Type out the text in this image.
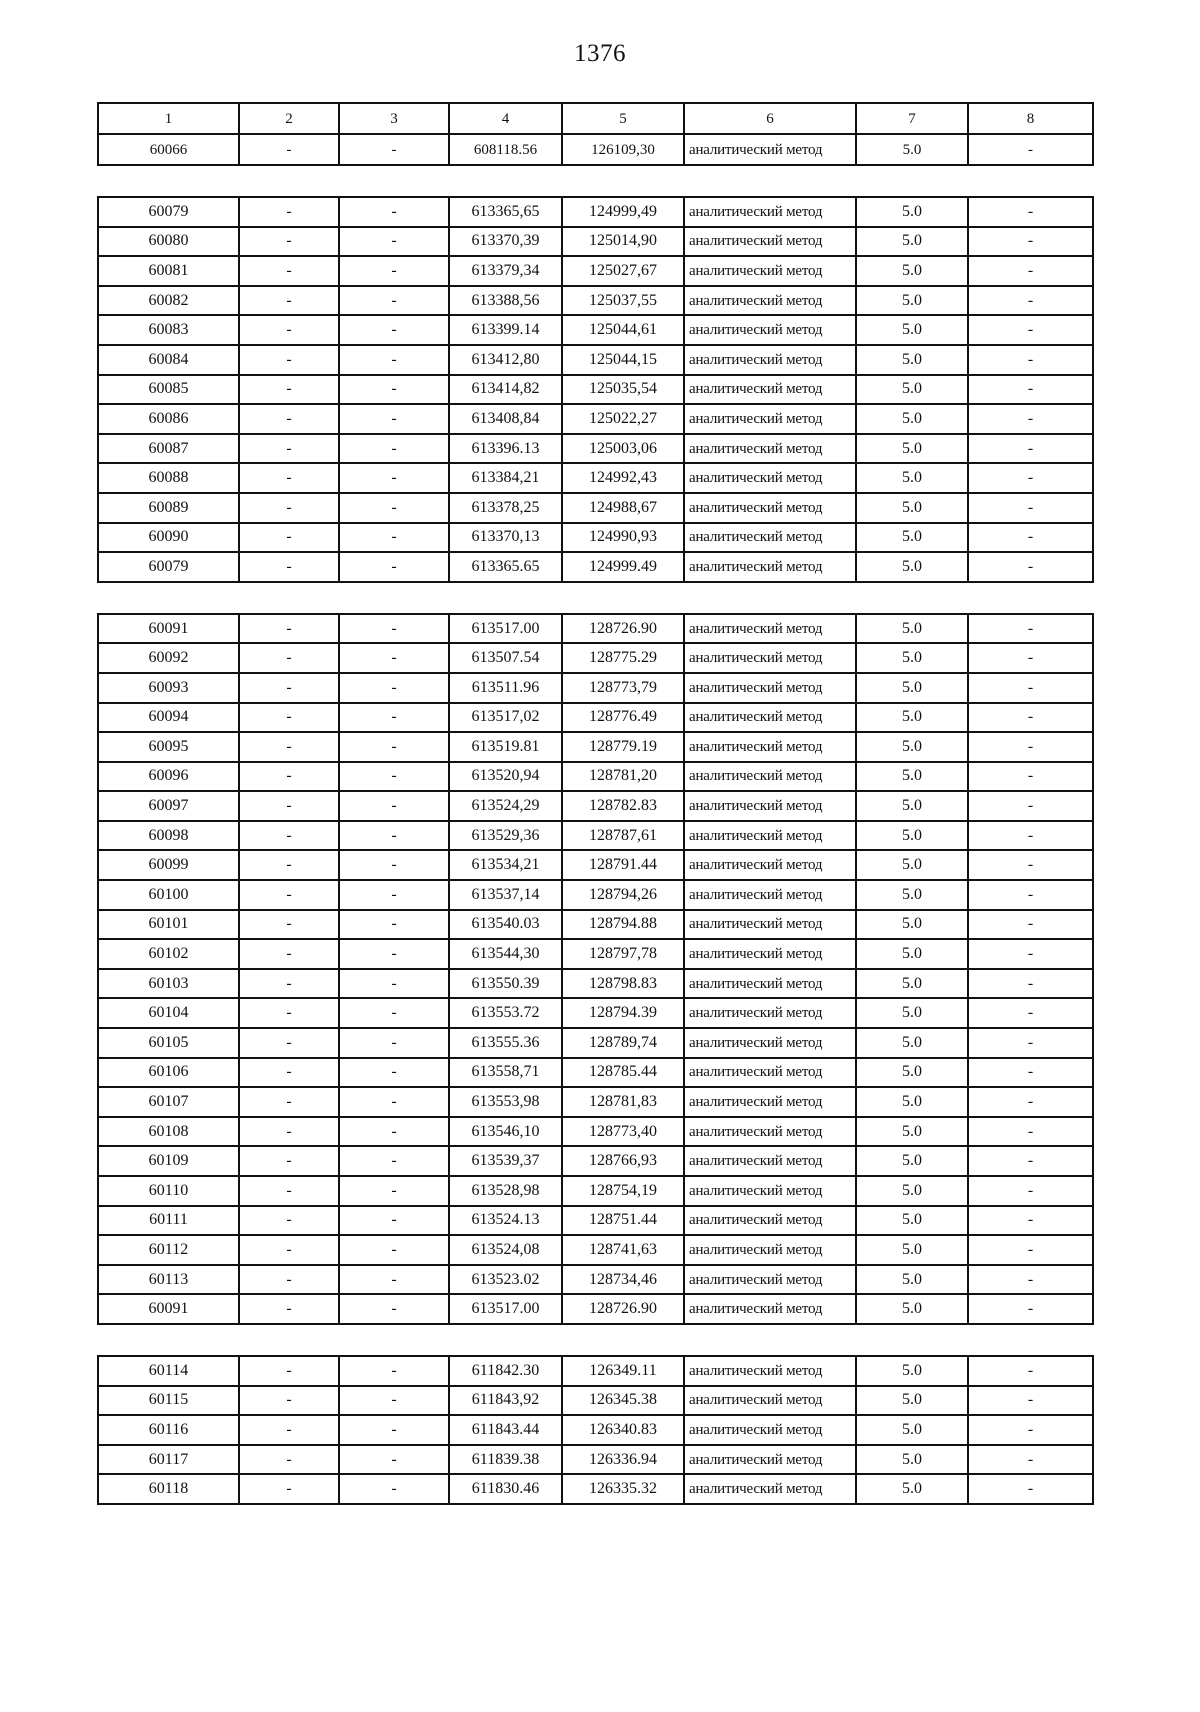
1376
1	2	3	4	5	6	7	8
60066	-	-	608118.56	126109,30	аналитический метод	5.0	-
60079	-	-	613365,65	124999,49	аналитический метод	5.0	-
60080	-	-	613370,39	125014,90	аналитический метод	5.0	-
60081	-	-	613379,34	125027,67	аналитический метод	5.0	-
60082	-	-	613388,56	125037,55	аналитический метод	5.0	-
60083	-	-	613399.14	125044,61	аналитический метод	5.0	-
60084	-	-	613412,80	125044,15	аналитический метод	5.0	-
60085	-	-	613414,82	125035,54	аналитический метод	5.0	-
60086	-	-	613408,84	125022,27	аналитический метод	5.0	-
60087	-	-	613396.13	125003,06	аналитический метод	5.0	-
60088	-	-	613384,21	124992,43	аналитический метод	5.0	-
60089	-	-	613378,25	124988,67	аналитический метод	5.0	-
60090	-	-	613370,13	124990,93	аналитический метод	5.0	-
60079	-	-	613365.65	124999.49	аналитический метод	5.0	-
60091	-	-	613517.00	128726.90	аналитический метод	5.0	-
60092	-	-	613507.54	128775.29	аналитический метод	5.0	-
60093	-	-	613511.96	128773,79	аналитический метод	5.0	-
60094	-	-	613517,02	128776.49	аналитический метод	5.0	-
60095	-	-	613519.81	128779.19	аналитический метод	5.0	-
60096	-	-	613520,94	128781,20	аналитический метод	5.0	-
60097	-	-	613524,29	128782.83	аналитический метод	5.0	-
60098	-	-	613529,36	128787,61	аналитический метод	5.0	-
60099	-	-	613534,21	128791.44	аналитический метод	5.0	-
60100	-	-	613537,14	128794,26	аналитический метод	5.0	-
60101	-	-	613540.03	128794.88	аналитический метод	5.0	-
60102	-	-	613544,30	128797,78	аналитический метод	5.0	-
60103	-	-	613550.39	128798.83	аналитический метод	5.0	-
60104	-	-	613553.72	128794.39	аналитический метод	5.0	-
60105	-	-	613555.36	128789,74	аналитический метод	5.0	-
60106	-	-	613558,71	128785.44	аналитический метод	5.0	-
60107	-	-	613553,98	128781,83	аналитический метод	5.0	-
60108	-	-	613546,10	128773,40	аналитический метод	5.0	-
60109	-	-	613539,37	128766,93	аналитический метод	5.0	-
60110	-	-	613528,98	128754,19	аналитический метод	5.0	-
60111	-	-	613524.13	128751.44	аналитический метод	5.0	-
60112	-	-	613524,08	128741,63	аналитический метод	5.0	-
60113	-	-	613523.02	128734,46	аналитический метод	5.0	-
60091	-	-	613517.00	128726.90	аналитический метод	5.0	-
60114	-	-	611842.30	126349.11	аналитический метод	5.0	-
60115	-	-	611843,92	126345.38	аналитический метод	5.0	-
60116	-	-	611843.44	126340.83	аналитический метод	5.0	-
60117	-	-	611839.38	126336.94	аналитический метод	5.0	-
60118	-	-	611830.46	126335.32	аналитический метод	5.0	-
